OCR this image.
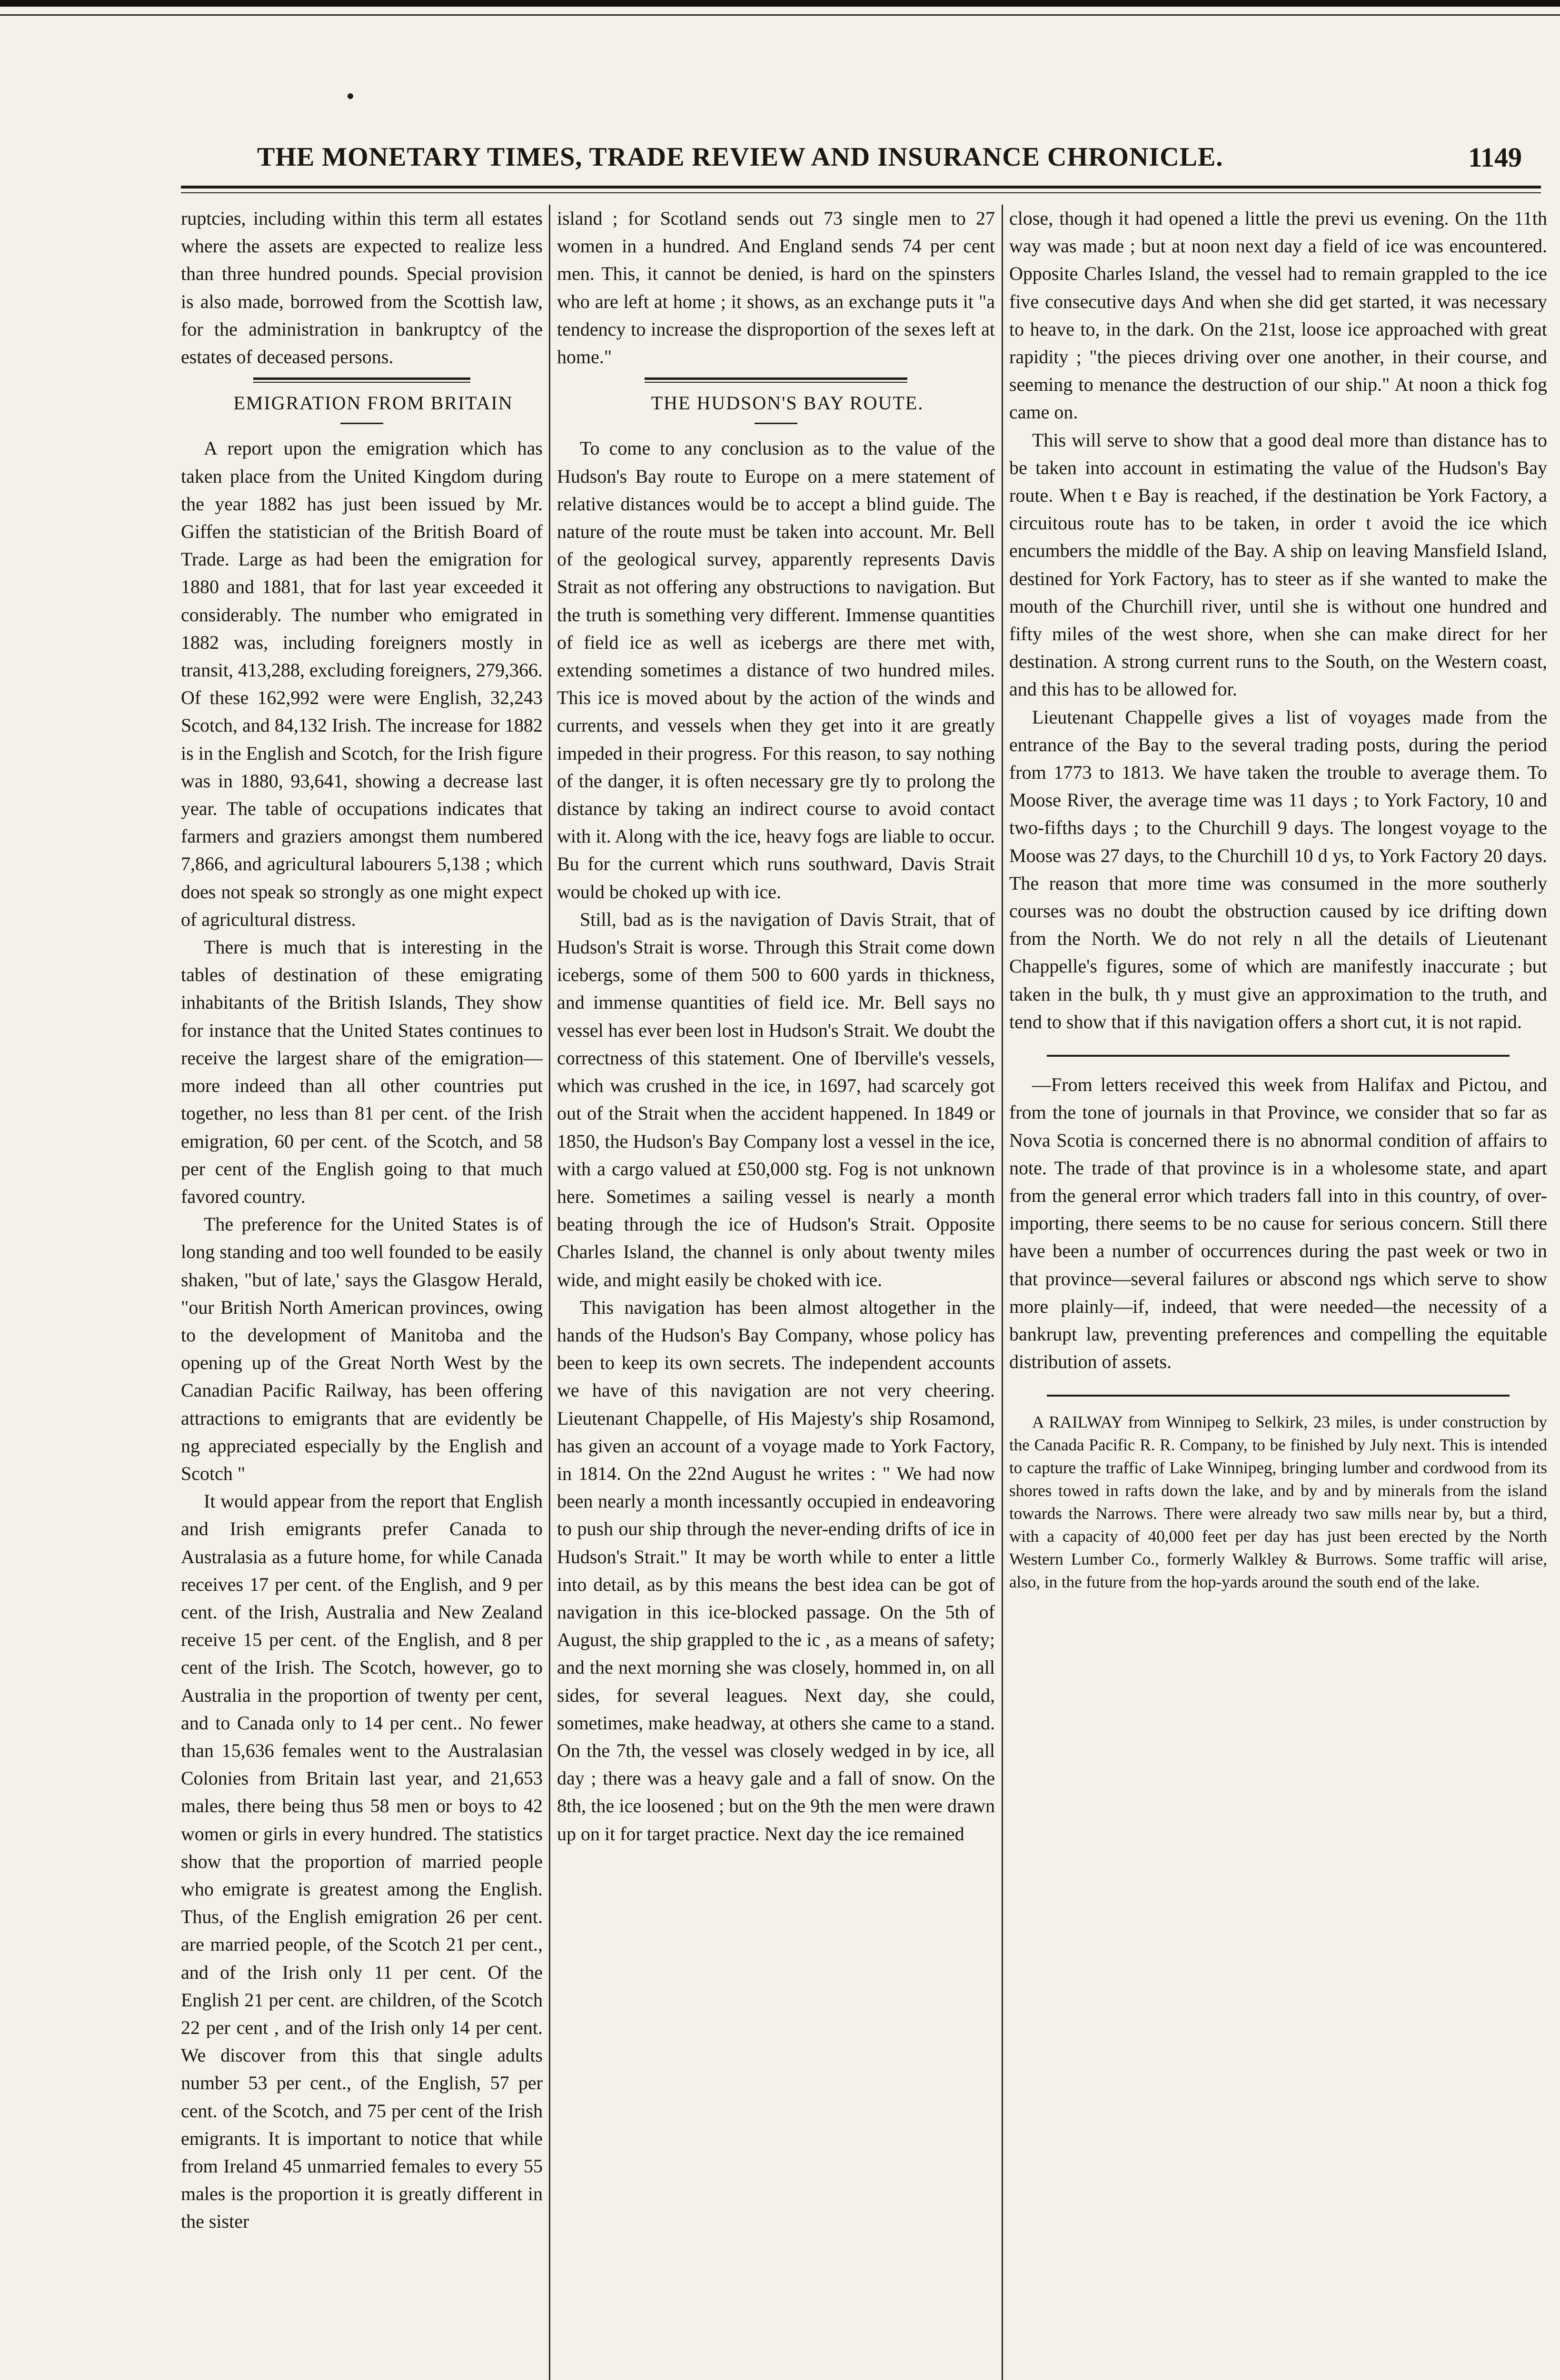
THE MONETARY TIMES, TRADE REVIEW AND INSURANCE CHRONICLE.	1149

ruptcies, including within this term all estates where the assets are expected to realize less than three hundred pounds. Special provision is also made, borrowed from the Scottish law, for the administration in bankruptcy of the estates of deceased persons.

EMIGRATION FROM BRITAIN

A report upon the emigration which has taken place from the United Kingdom during the year 1882 has just been issued by Mr. Giffen the statistician of the British Board of Trade. Large as had been the emigration for 1880 and 1881, that for last year exceeded it considerably. The number who emigrated in 1882 was, including foreigners mostly in transit, 413,288, excluding foreigners, 279,366. Of these 162,992 were were English, 32,243 Scotch, and 84,132 Irish. The increase for 1882 is in the English and Scotch, for the Irish figure was in 1880, 93,641, showing a decrease last year. The table of occupations indicates that farmers and graziers amongst them numbered 7,866, and agricultural labourers 5,138 ; which does not speak so strongly as one might expect of agricultural distress.

There is much that is interesting in the tables of destination of these emigrating inhabitants of the British Islands, They show for instance that the United States continues to receive the largest share of the emigration—more indeed than all other countries put together, no less than 81 per cent. of the Irish emigration, 60 per cent. of the Scotch, and 58 per cent of the English going to that much favored country.

The preference for the United States is of long standing and too well founded to be easily shaken, "but of late,' says the Glasgow Herald, "our British North American provinces, owing to the development of Manitoba and the opening up of the Great North West by the Canadian Pacific Railway, has been offering attractions to emigrants that are evidently be ng appreciated especially by the English and Scotch "

It would appear from the report that English and Irish emigrants prefer Canada to Australasia as a future home, for while Canada receives 17 per cent. of the English, and 9 per cent. of the Irish, Australia and New Zealand receive 15 per cent. of the English, and 8 per cent of the Irish. The Scotch, however, go to Australia in the proportion of twenty per cent, and to Canada only to 14 per cent.. No fewer than 15,636 females went to the Australasian Colonies from Britain last year, and 21,653 males, there being thus 58 men or boys to 42 women or girls in every hundred. The statistics show that the proportion of married people who emigrate is greatest among the English. Thus, of the English emigration 26 per cent. are married people, of the Scotch 21 per cent., and of the Irish only 11 per cent. Of the English 21 per cent. are children, of the Scotch 22 per cent , and of the Irish only 14 per cent. We discover from this that single adults number 53 per cent., of the English, 57 per cent. of the Scotch, and 75 per cent of the Irish emigrants. It is important to notice that while from Ireland 45 unmarried females to every 55 males is the proportion it is greatly different in the sister

island ; for Scotland sends out 73 single men to 27 women in a hundred. And England sends 74 per cent men. This, it cannot be denied, is hard on the spinsters who are left at home ; it shows, as an exchange puts it "a tendency to increase the disproportion of the sexes left at home."

THE HUDSON'S BAY ROUTE.

To come to any conclusion as to the value of the Hudson's Bay route to Europe on a mere statement of relative distances would be to accept a blind guide. The nature of the route must be taken into account. Mr. Bell of the geological survey, apparently represents Davis Strait as not offering any obstructions to navigation. But the truth is something very different. Immense quantities of field ice as well as icebergs are there met with, extending sometimes a distance of two hundred miles. This ice is moved about by the action of the winds and currents, and vessels when they get into it are greatly impeded in their progress. For this reason, to say nothing of the danger, it is often necessary gre tly to prolong the distance by taking an indirect course to avoid contact with it. Along with the ice, heavy fogs are liable to occur. Bu for the current which runs southward, Davis Strait would be choked up with ice.

Still, bad as is the navigation of Davis Strait, that of Hudson's Strait is worse. Through this Strait come down icebergs, some of them 500 to 600 yards in thickness, and immense quantities of field ice. Mr. Bell says no vessel has ever been lost in Hudson's Strait. We doubt the correctness of this statement. One of Iberville's vessels, which was crushed in the ice, in 1697, had scarcely got out of the Strait when the accident happened. In 1849 or 1850, the Hudson's Bay Company lost a vessel in the ice, with a cargo valued at £50,000 stg. Fog is not unknown here. Sometimes a sailing vessel is nearly a month beating through the ice of Hudson's Strait. Opposite Charles Island, the channel is only about twenty miles wide, and might easily be choked with ice.

This navigation has been almost altogether in the hands of the Hudson's Bay Company, whose policy has been to keep its own secrets. The independent accounts we have of this navigation are not very cheering. Lieutenant Chappelle, of His Majesty's ship Rosamond, has given an account of a voyage made to York Factory, in 1814. On the 22nd August he writes : " We had now been nearly a month incessantly occupied in endeavoring to push our ship through the never-ending drifts of ice in Hudson's Strait." It may be worth while to enter a little into detail, as by this means the best idea can be got of navigation in this ice-blocked passage. On the 5th of August, the ship grappled to the ic , as a means of safety; and the next morning she was closely, hommed in, on all sides, for several leagues. Next day, she could, sometimes, make headway, at others she came to a stand. On the 7th, the vessel was closely wedged in by ice, all day ; there was a heavy gale and a fall of snow. On the 8th, the ice loosened ; but on the 9th the men were drawn up on it for target practice. Next day the ice remained

close, though it had opened a little the previ us evening. On the 11th way was made ; but at noon next day a field of ice was encountered. Opposite Charles Island, the vessel had to remain grappled to the ice five consecutive days And when she did get started, it was necessary to heave to, in the dark. On the 21st, loose ice approached with great rapidity ; "the pieces driving over one another, in their course, and seeming to menance the destruction of our ship." At noon a thick fog came on.

This will serve to show that a good deal more than distance has to be taken into account in estimating the value of the Hudson's Bay route. When t e Bay is reached, if the destination be York Factory, a circuitous route has to be taken, in order t avoid the ice which encumbers the middle of the Bay. A ship on leaving Mansfield Island, destined for York Factory, has to steer as if she wanted to make the mouth of the Churchill river, until she is without one hundred and fifty miles of the west shore, when she can make direct for her destination. A strong current runs to the South, on the Western coast, and this has to be allowed for.

Lieutenant Chappelle gives a list of voyages made from the entrance of the Bay to the several trading posts, during the period from 1773 to 1813. We have taken the trouble to average them. To Moose River, the average time was 11 days ; to York Factory, 10 and two-fifths days ; to the Churchill 9 days. The longest voyage to the Moose was 27 days, to the Churchill 10 d ys, to York Factory 20 days. The reason that more time was consumed in the more southerly courses was no doubt the obstruction caused by ice drifting down from the North. We do not rely n all the details of Lieutenant Chappelle's figures, some of which are manifestly inaccurate ; but taken in the bulk, th y must give an approximation to the truth, and tend to show that if this navigation offers a short cut, it is not rapid.

—From letters received this week from Halifax and Pictou, and from the tone of journals in that Province, we consider that so far as Nova Scotia is concerned there is no abnormal condition of affairs to note. The trade of that province is in a wholesome state, and apart from the general error which traders fall into in this country, of over-importing, there seems to be no cause for serious concern. Still there have been a number of occurrences during the past week or two in that province—several failures or abscond ngs which serve to show more plainly—if, indeed, that were needed—the necessity of a bankrupt law, preventing preferences and compelling the equitable distribution of assets.

A RAILWAY from Winnipeg to Selkirk, 23 miles, is under construction by the Canada Pacific R. R. Company, to be finished by July next. This is intended to capture the traffic of Lake Winnipeg, bringing lumber and cordwood from its shores towed in rafts down the lake, and by and by minerals from the island towards the Narrows. There were already two saw mills near by, but a third, with a capacity of 40,000 feet per day has just been erected by the North Western Lumber Co., formerly Walkley & Burrows. Some traffic will arise, also, in the future from the hop-yards around the south end of the lake.
